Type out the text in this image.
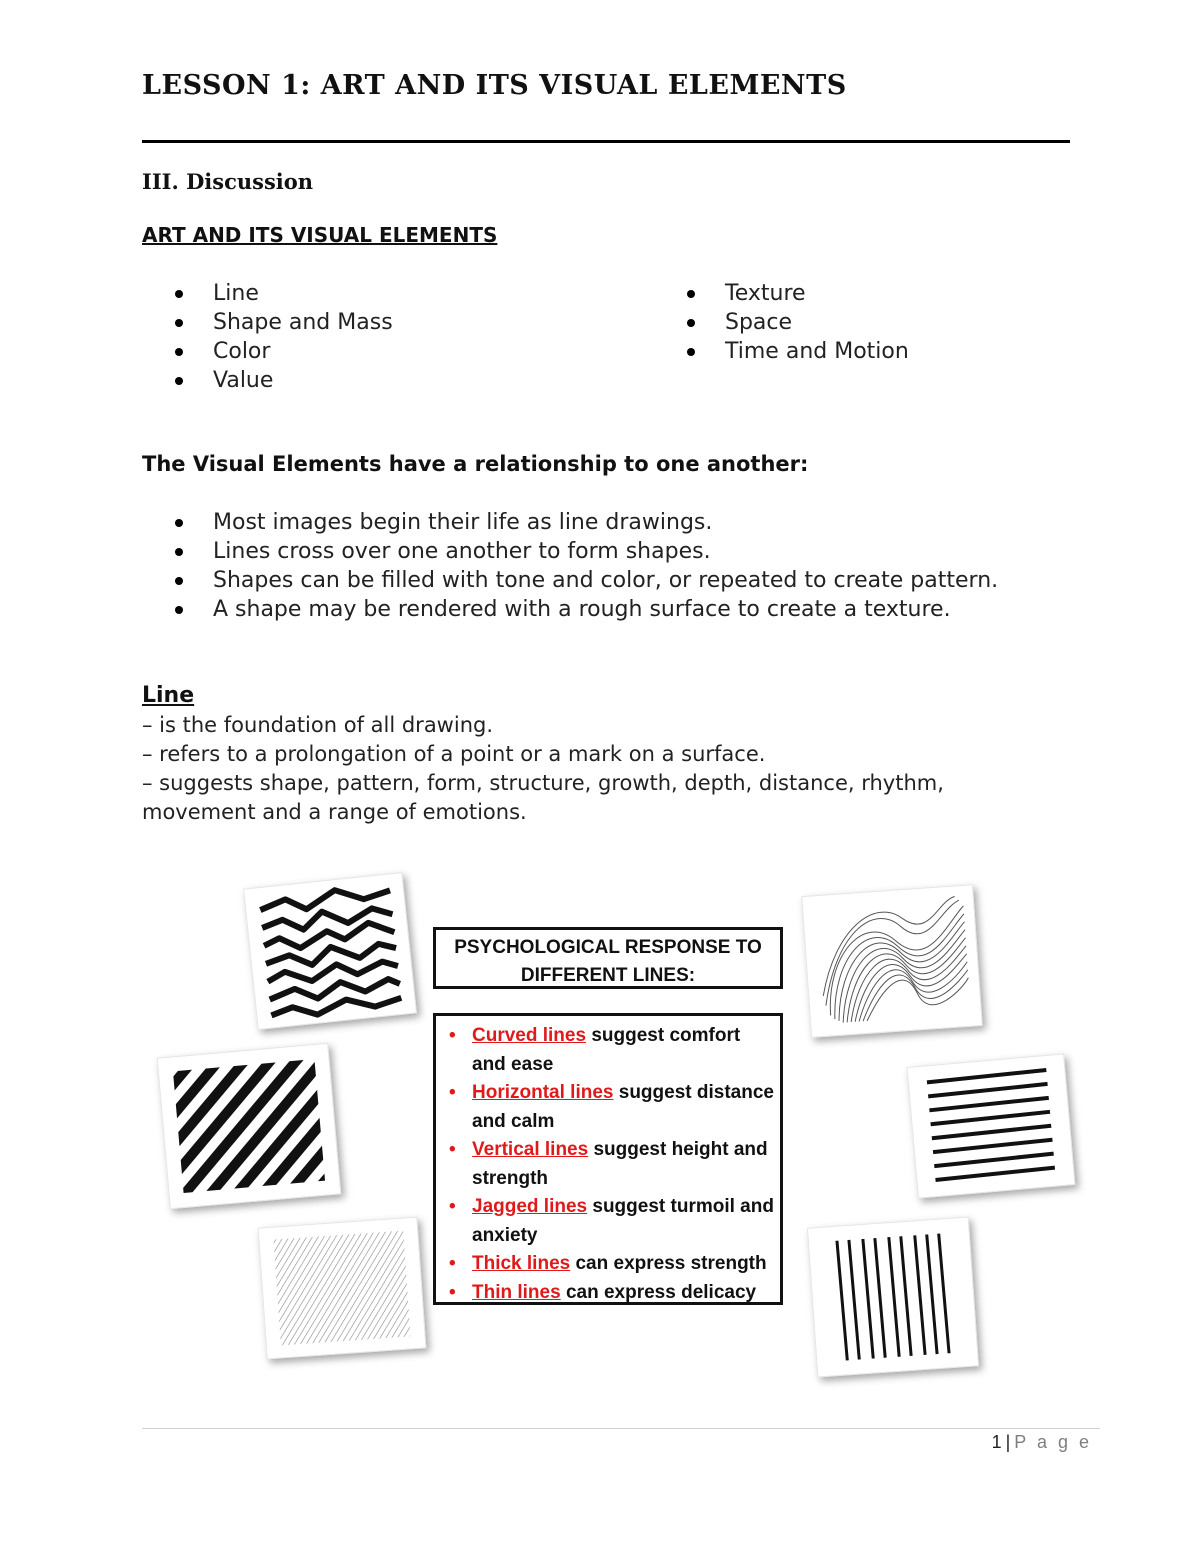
LESSON 1: ART AND ITS VISUAL ELEMENTS
III. Discussion
ART AND ITS VISUAL ELEMENTS
Line
Shape and Mass
Color
Value
Texture
Space
Time and Motion

The Visual Elements have a relationship to one another:

Most images begin their life as line drawings.
Lines cross over one another to form shapes.
Shapes can be filled with tone and color, or repeated to create pattern.
A shape may be rendered with a rough surface to create a texture.

Line

– is the foundation of all drawing.
– refers to a prolongation of a point or a mark on a surface.
– suggests shape, pattern, form, structure, growth, depth, distance, rhythm,
movement and a range of emotions.
PSYCHOLOGICAL RESPONSE TO
DIFFERENT LINES:
• Curved lines suggest comfort and ease
• Horizontal lines suggest distance and calm
• Vertical lines suggest height and strength
• Jagged lines suggest turmoil and anxiety
• Thick lines can express strength
• Thin lines can express delicacy
1 | P a g e
